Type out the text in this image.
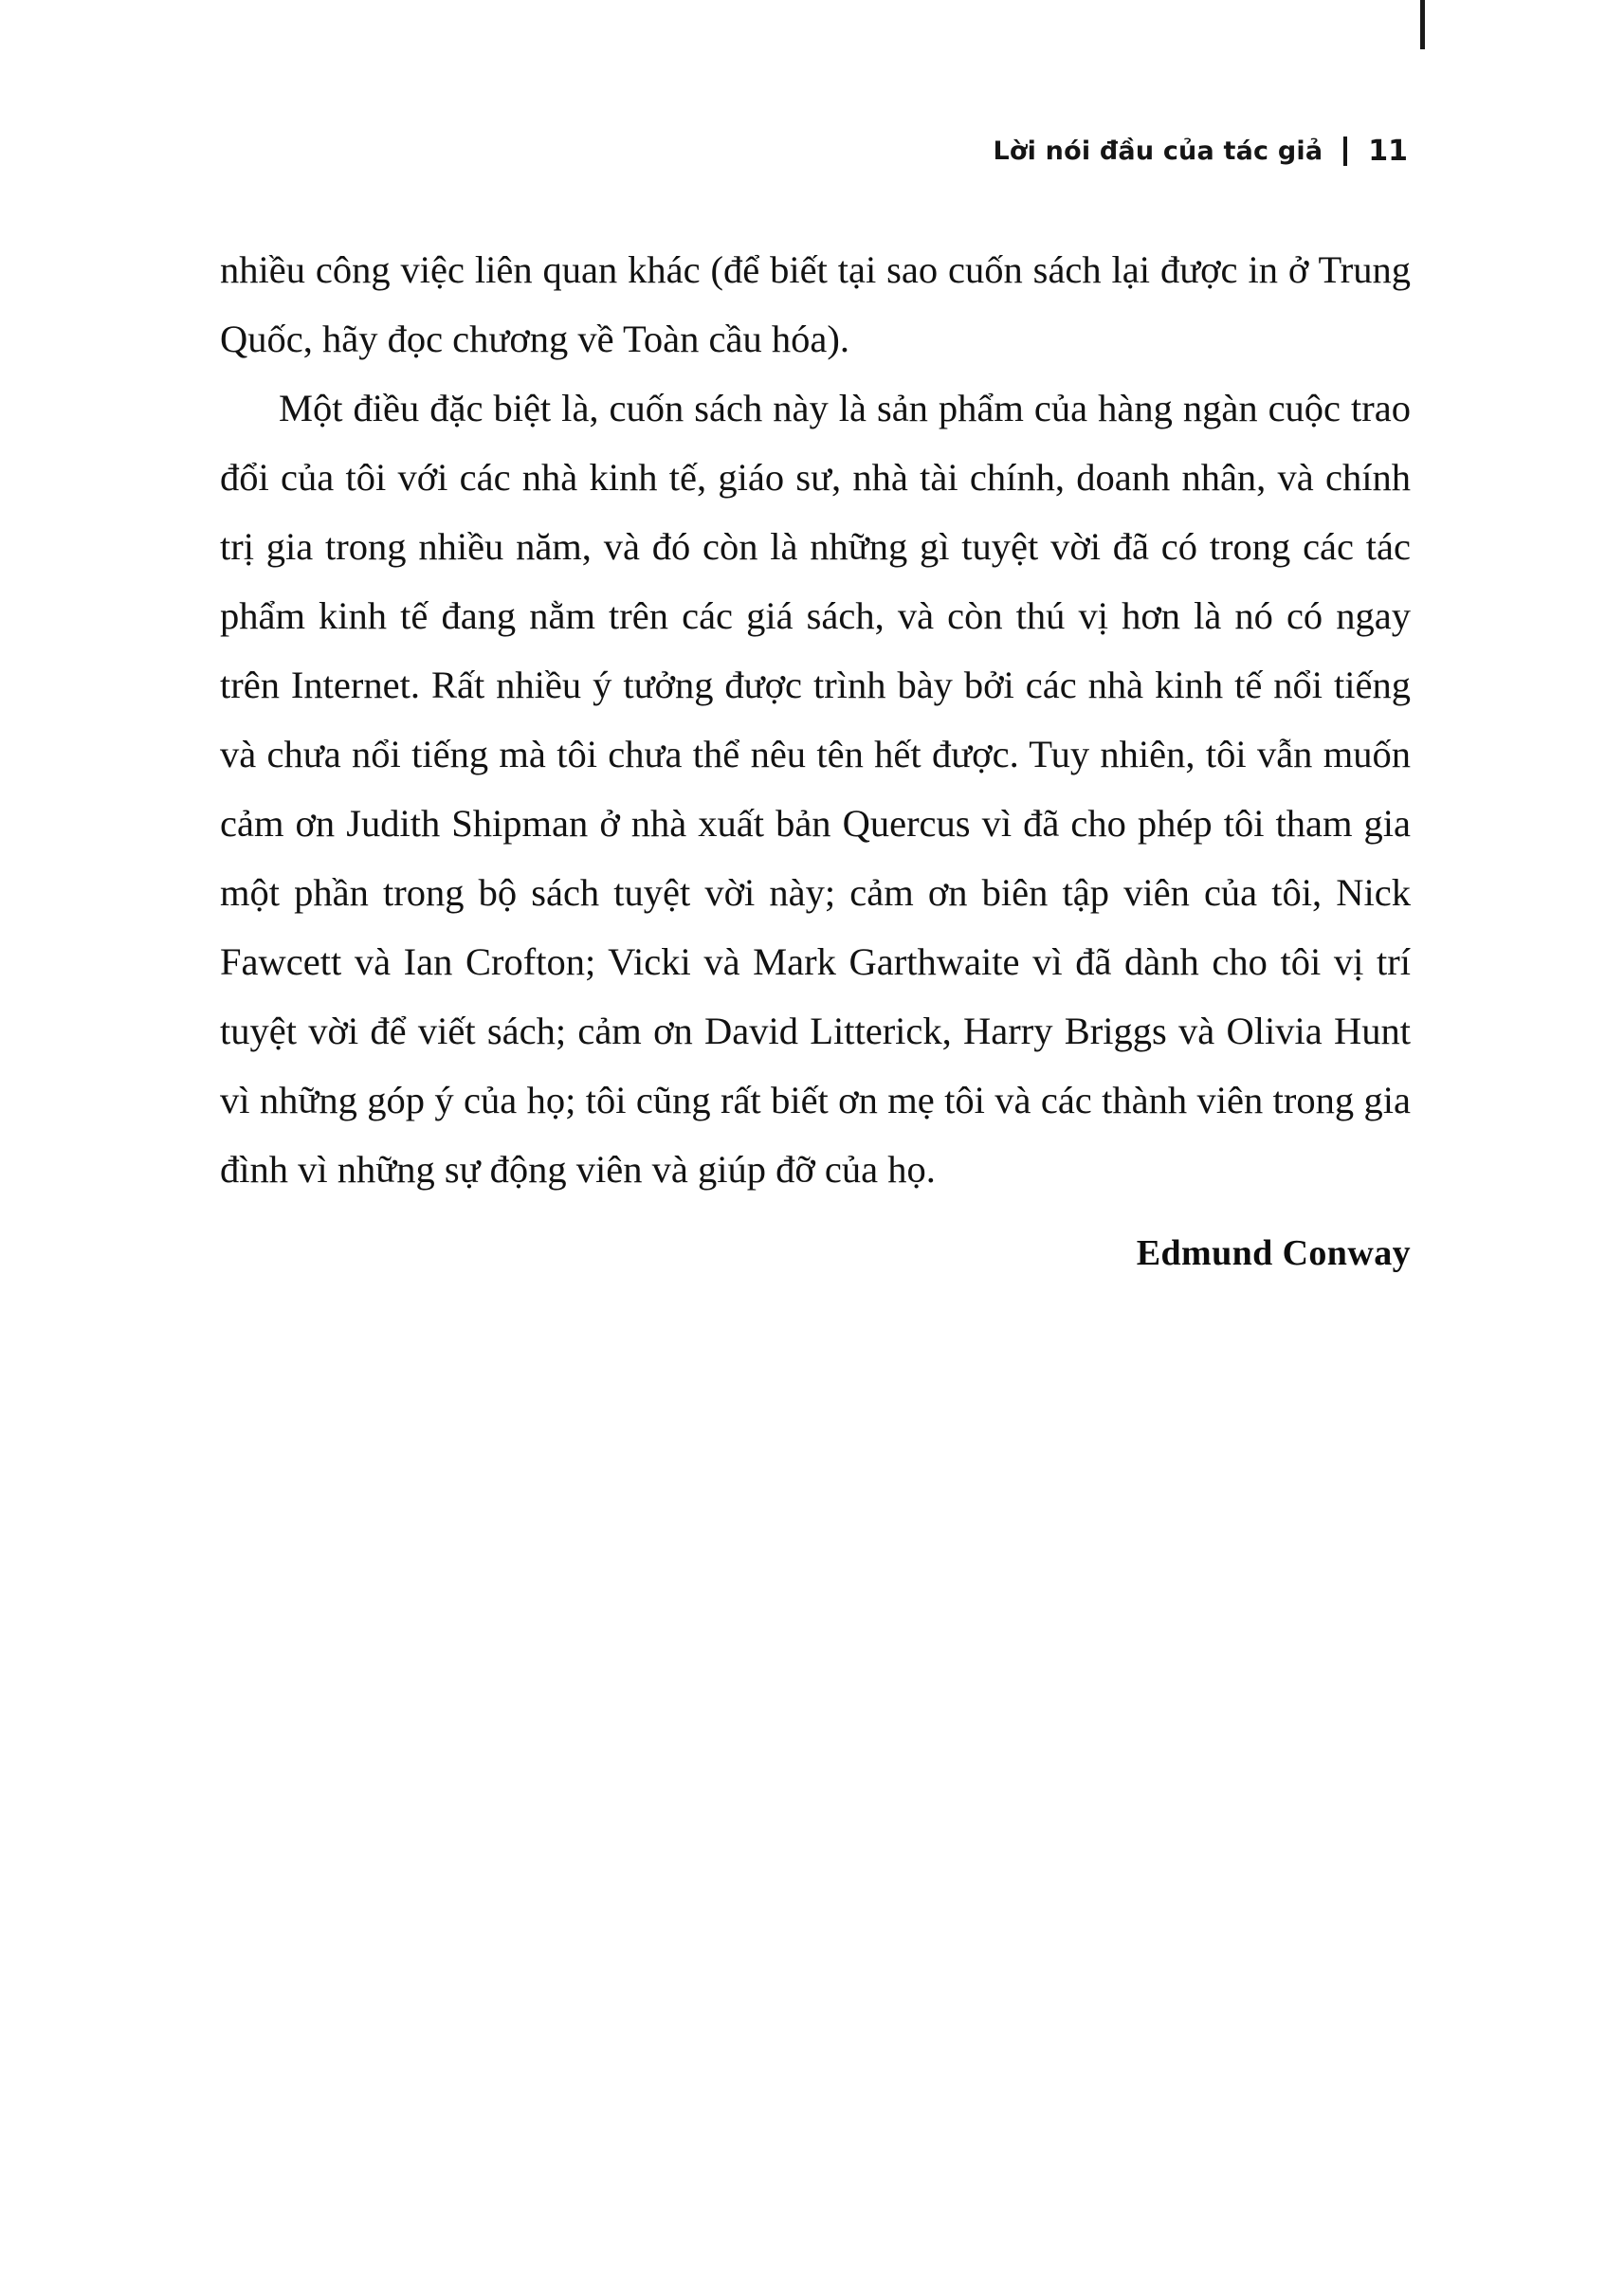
Lời nói đầu của tác giả 11

nhiều công việc liên quan khác (để biết tại sao cuốn sách lại được in ở Trung Quốc, hãy đọc chương về Toàn cầu hóa).

Một điều đặc biệt là, cuốn sách này là sản phẩm của hàng ngàn cuộc trao đổi của tôi với các nhà kinh tế, giáo sư, nhà tài chính, doanh nhân, và chính trị gia trong nhiều năm, và đó còn là những gì tuyệt vời đã có trong các tác phẩm kinh tế đang nằm trên các giá sách, và còn thú vị hơn là nó có ngay trên Internet. Rất nhiều ý tưởng được trình bày bởi các nhà kinh tế nổi tiếng và chưa nổi tiếng mà tôi chưa thể nêu tên hết được. Tuy nhiên, tôi vẫn muốn cảm ơn Judith Shipman ở nhà xuất bản Quercus vì đã cho phép tôi tham gia một phần trong bộ sách tuyệt vời này; cảm ơn biên tập viên của tôi, Nick Fawcett và Ian Crofton; Vicki và Mark Garthwaite vì đã dành cho tôi vị trí tuyệt vời để viết sách; cảm ơn David Litterick, Harry Briggs và Olivia Hunt vì những góp ý của họ; tôi cũng rất biết ơn mẹ tôi và các thành viên trong gia đình vì những sự động viên và giúp đỡ của họ.

Edmund Conway
